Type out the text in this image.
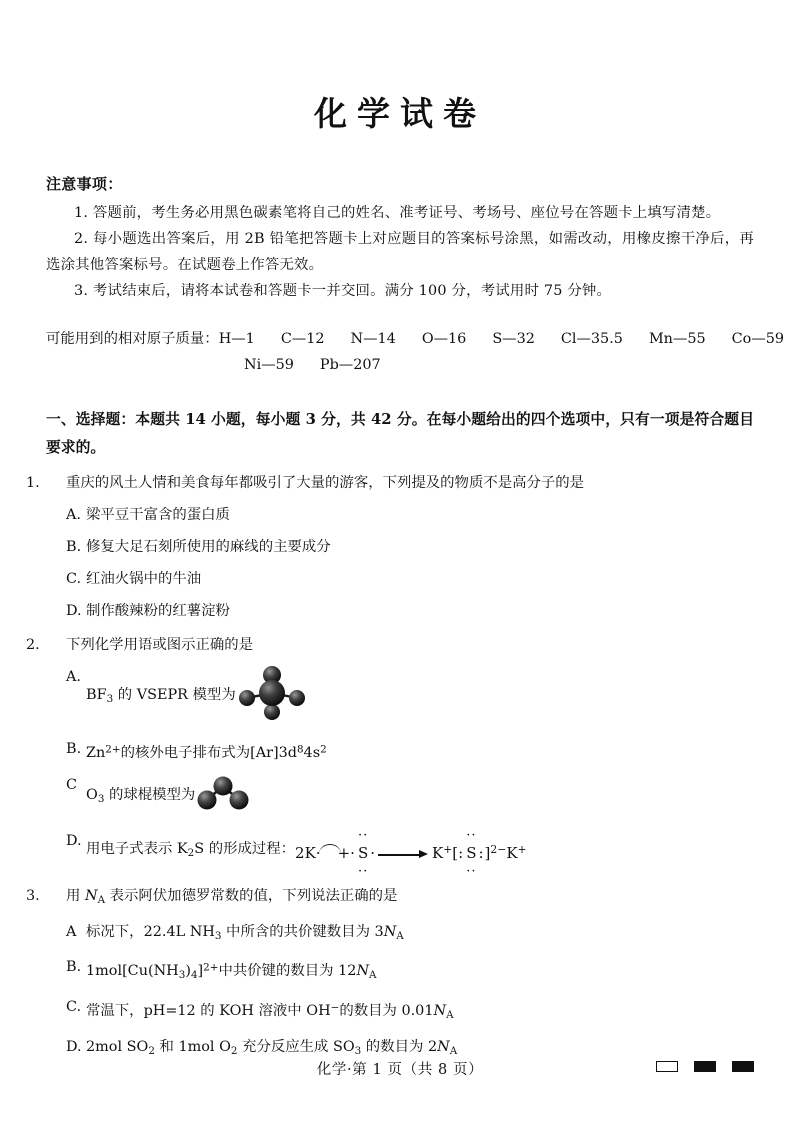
化学试卷

注意事项：

1. 答题前，考生务必用黑色碳素笔将自己的姓名、准考证号、考场号、座位号在答题卡上填写清楚。

2. 每小题选出答案后，用 2B 铅笔把答题卡上对应题目的答案标号涂黑，如需改动，用橡皮擦干净后，再选涂其他答案标号。在试题卷上作答无效。

3. 考试结束后，请将本试卷和答题卡一并交回。满分 100 分，考试用时 75 分钟。

可能用到的相对原子质量：H—1 C—12 N—14 O—16 S—32 Cl—35.5 Mn—55 Co—59
Ni—59 Pb—207
一、选择题：本题共 14 小题，每小题 3 分，共 42 分。在每小题给出的四个选项中，只有一项是符合题目要求的。

1. 重庆的风土人情和美食每年都吸引了大量的游客，下列提及的物质不是高分子的是

A. 梁平豆干富含的蛋白质

B. 修复大足石刻所使用的麻线的主要成分

C. 红油火锅中的牛油

D. 制作酸辣粉的红薯淀粉

2. 下列化学用语或图示正确的是

A.
$BF_3$ 的 VSEPR 模型为

B. $Zn^{2+}$的核外电子排布式为$[Ar]3d^84s^2$

C
$O_3$ 的球棍模型为
D.
用电子式表示 $K_2S$ 的形成过程： 2K· +·
··
S
··
·	K+[:
··
S
··
:]$^{2-}$K+

3. 用 $N_A$ 表示阿伏加德罗常数的值，下列说法正确的是

A 标况下，22.4L $NH_3$ 中所含的共价键数目为 $3N_A$

B. $1mol[Cu(NH_3)_4]^{2+}$中共价键的数目为 $12N_A$

C. 常温下，pH=12 的 KOH 溶液中 OH−的数目为 $0.01N_A$

D. 2mol $SO_2$ 和 1mol $O_2$ 充分反应生成 $SO_3$ 的数目为 $2N_A$

化学·第 1 页（共 8 页）
